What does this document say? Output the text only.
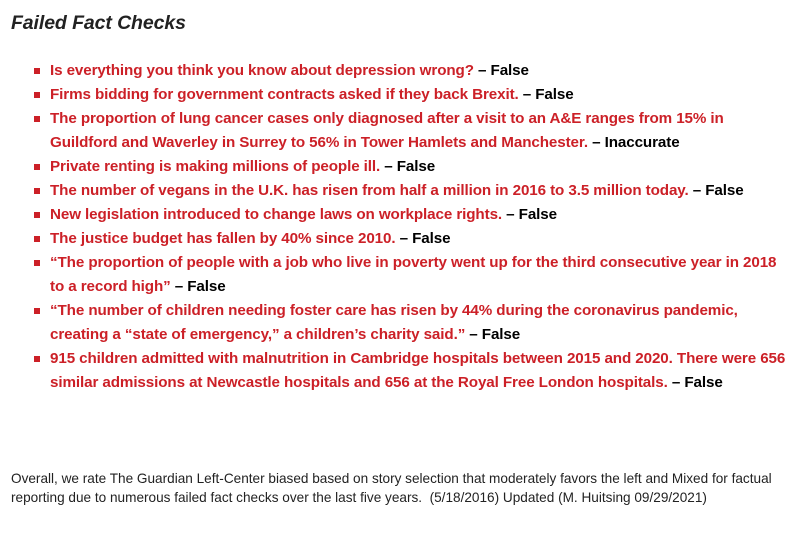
Failed Fact Checks
Is everything you think you know about depression wrong? – False
Firms bidding for government contracts asked if they back Brexit. – False
The proportion of lung cancer cases only diagnosed after a visit to an A&E ranges from 15% in Guildford and Waverley in Surrey to 56% in Tower Hamlets and Manchester. – Inaccurate
Private renting is making millions of people ill. – False
The number of vegans in the U.K. has risen from half a million in 2016 to 3.5 million today. – False
New legislation introduced to change laws on workplace rights. – False
The justice budget has fallen by 40% since 2010. – False
“The proportion of people with a job who live in poverty went up for the third consecutive year in 2018 to a record high” – False
“The number of children needing foster care has risen by 44% during the coronavirus pandemic, creating a “state of emergency,” a children’s charity said.” – False
915 children admitted with malnutrition in Cambridge hospitals between 2015 and 2020. There were 656 similar admissions at Newcastle hospitals and 656 at the Royal Free London hospitals. – False

Overall, we rate The Guardian Left-Center biased based on story selection that moderately favors the left and Mixed for factual reporting due to numerous failed fact checks over the last five years.  (5/18/2016) Updated (M. Huitsing 09/29/2021)
